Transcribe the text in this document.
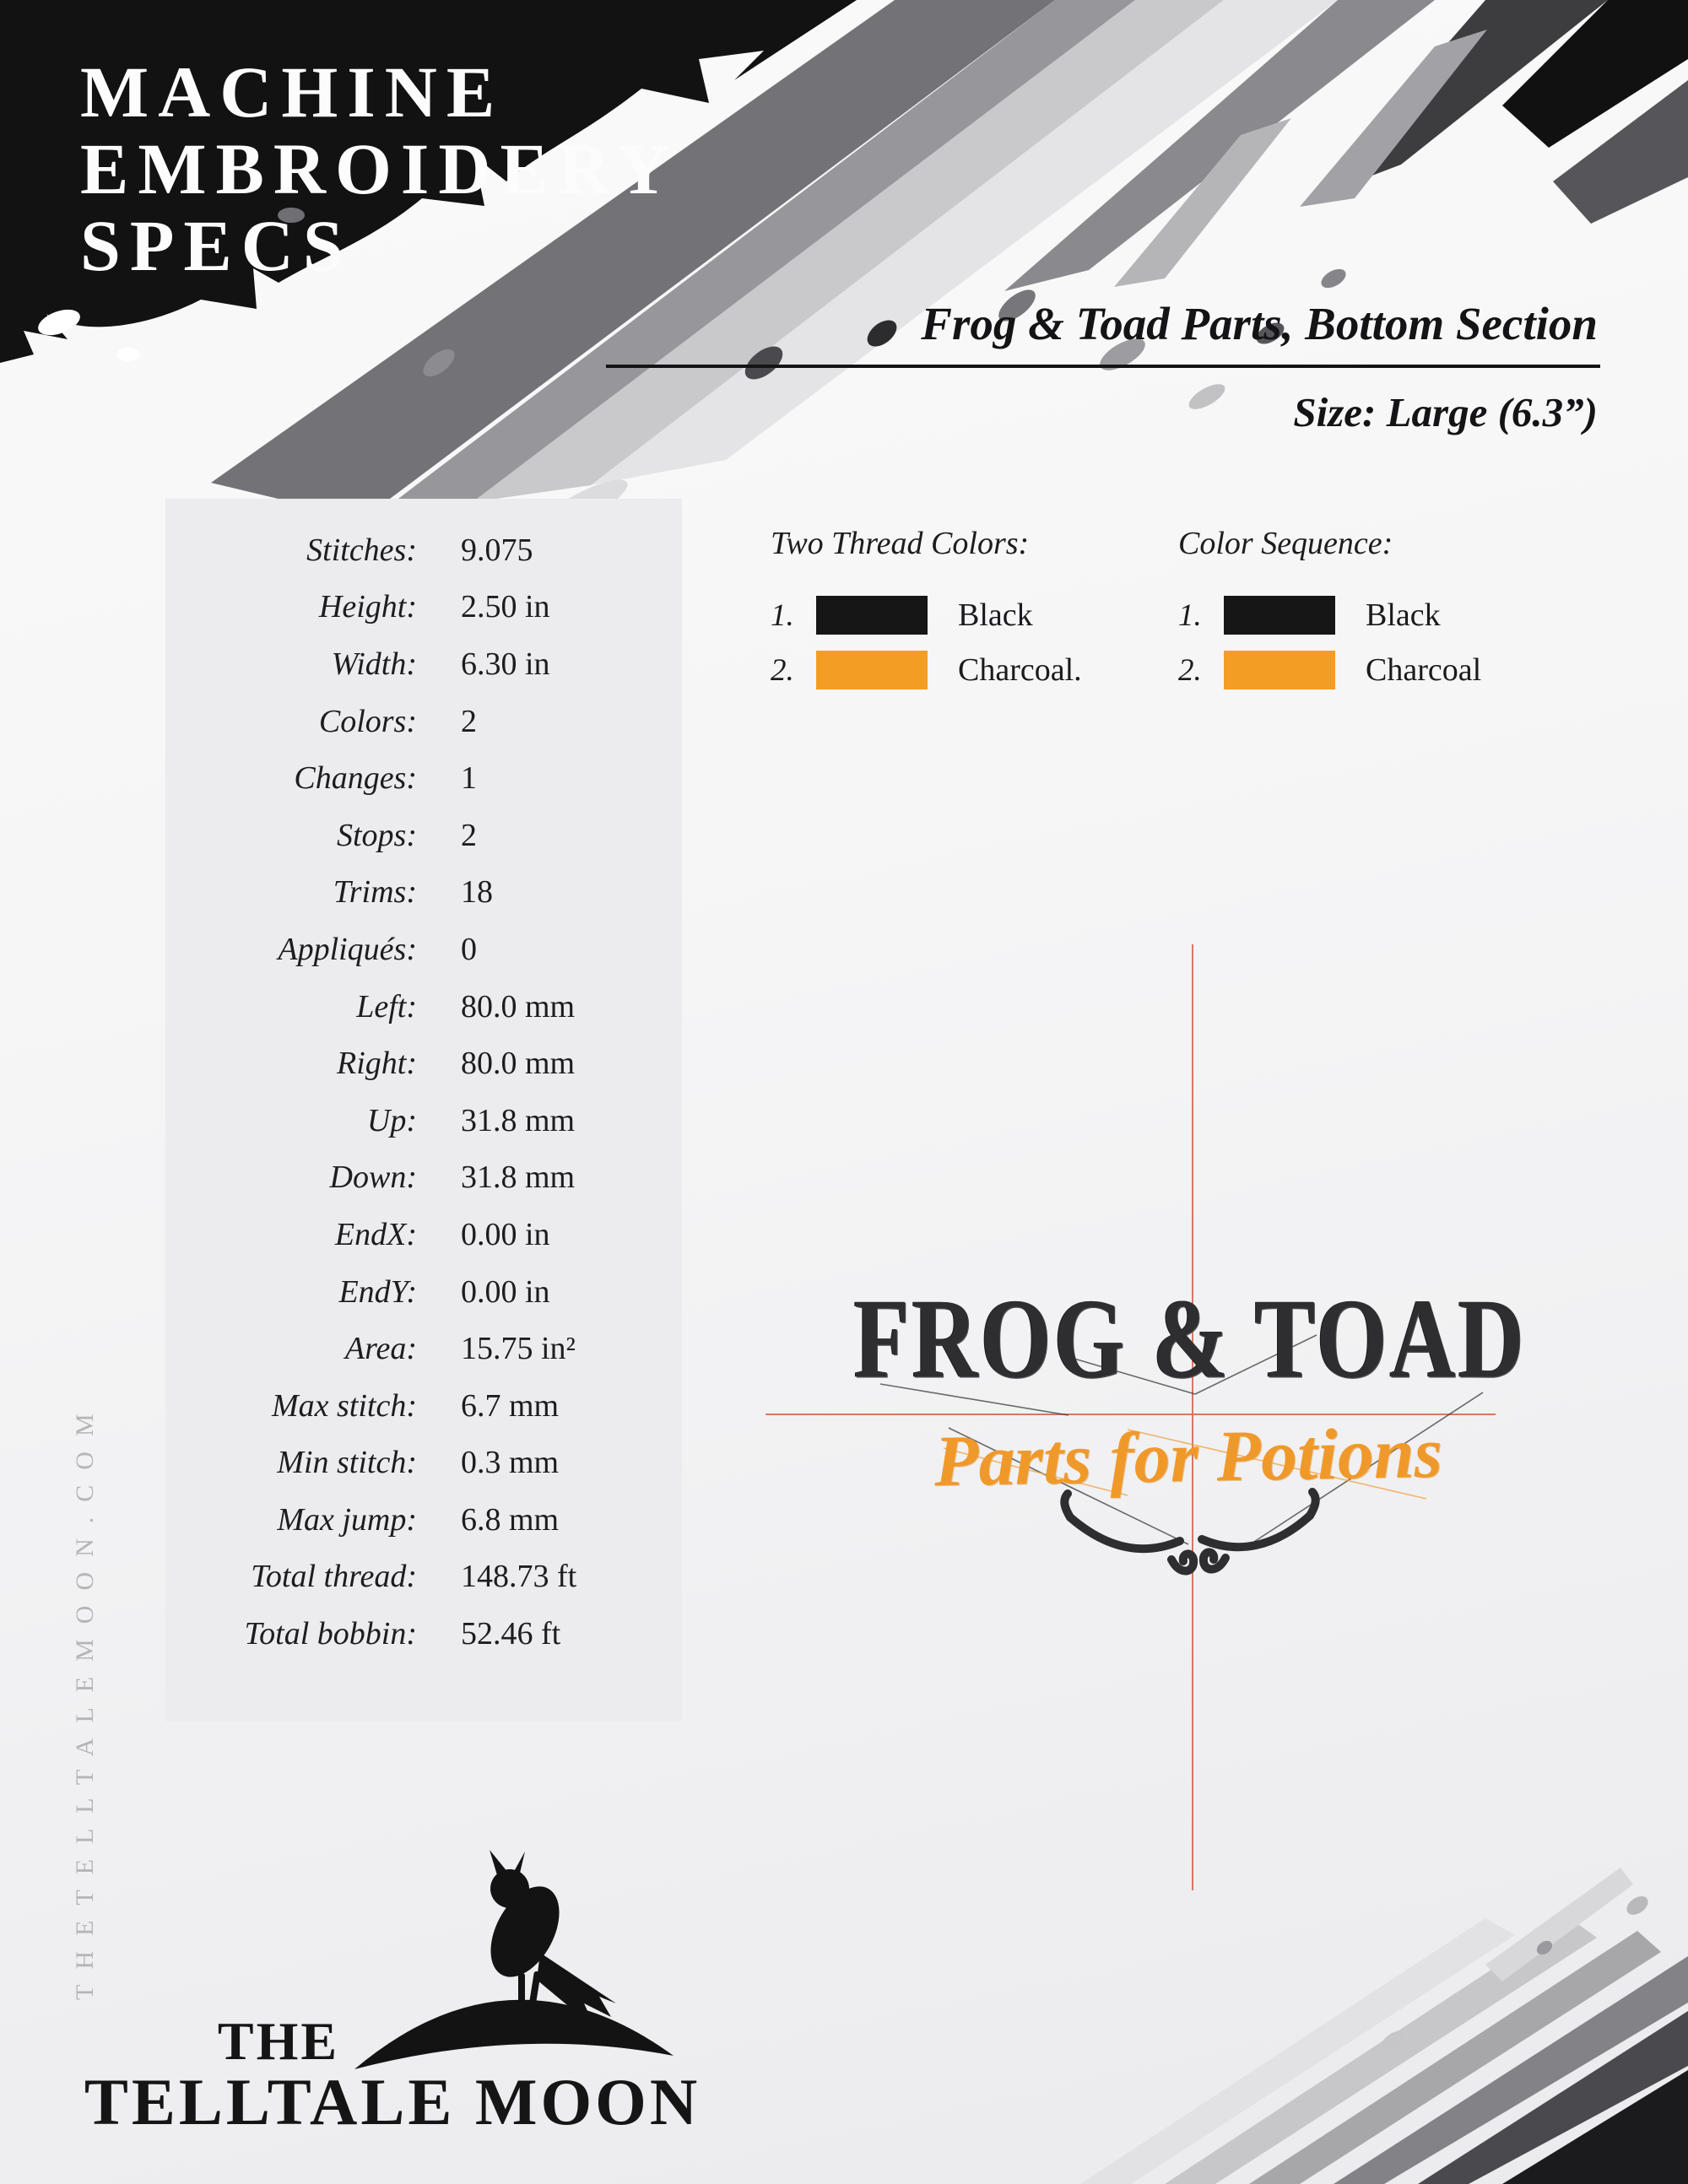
MACHINE
EMBROIDERY
SPECS
Frog & Toad Parts, Bottom Section
Size: Large (6.3”)
Stitches: 9.075
Height: 2.50 in
Width: 6.30 in
Colors: 2
Changes: 1
Stops: 2
Trims: 18
Appliqués: 0
Left: 80.0 mm
Right: 80.0 mm
Up: 31.8 mm
Down: 31.8 mm
EndX: 0.00 in
EndY: 0.00 in
Area: 15.75 in²
Max stitch: 6.7 mm
Min stitch: 0.3 mm
Max jump: 6.8 mm
Total thread: 148.73 ft
Total bobbin: 52.46 ft
Two Thread Colors:
1.	Black
2.	Charcoal.
Color Sequence:
1.	Black
2.	Charcoal
FROG & TOAD
Parts for Potions
THE
TELLTALE MOON
THETELLTALEMOON.COM
